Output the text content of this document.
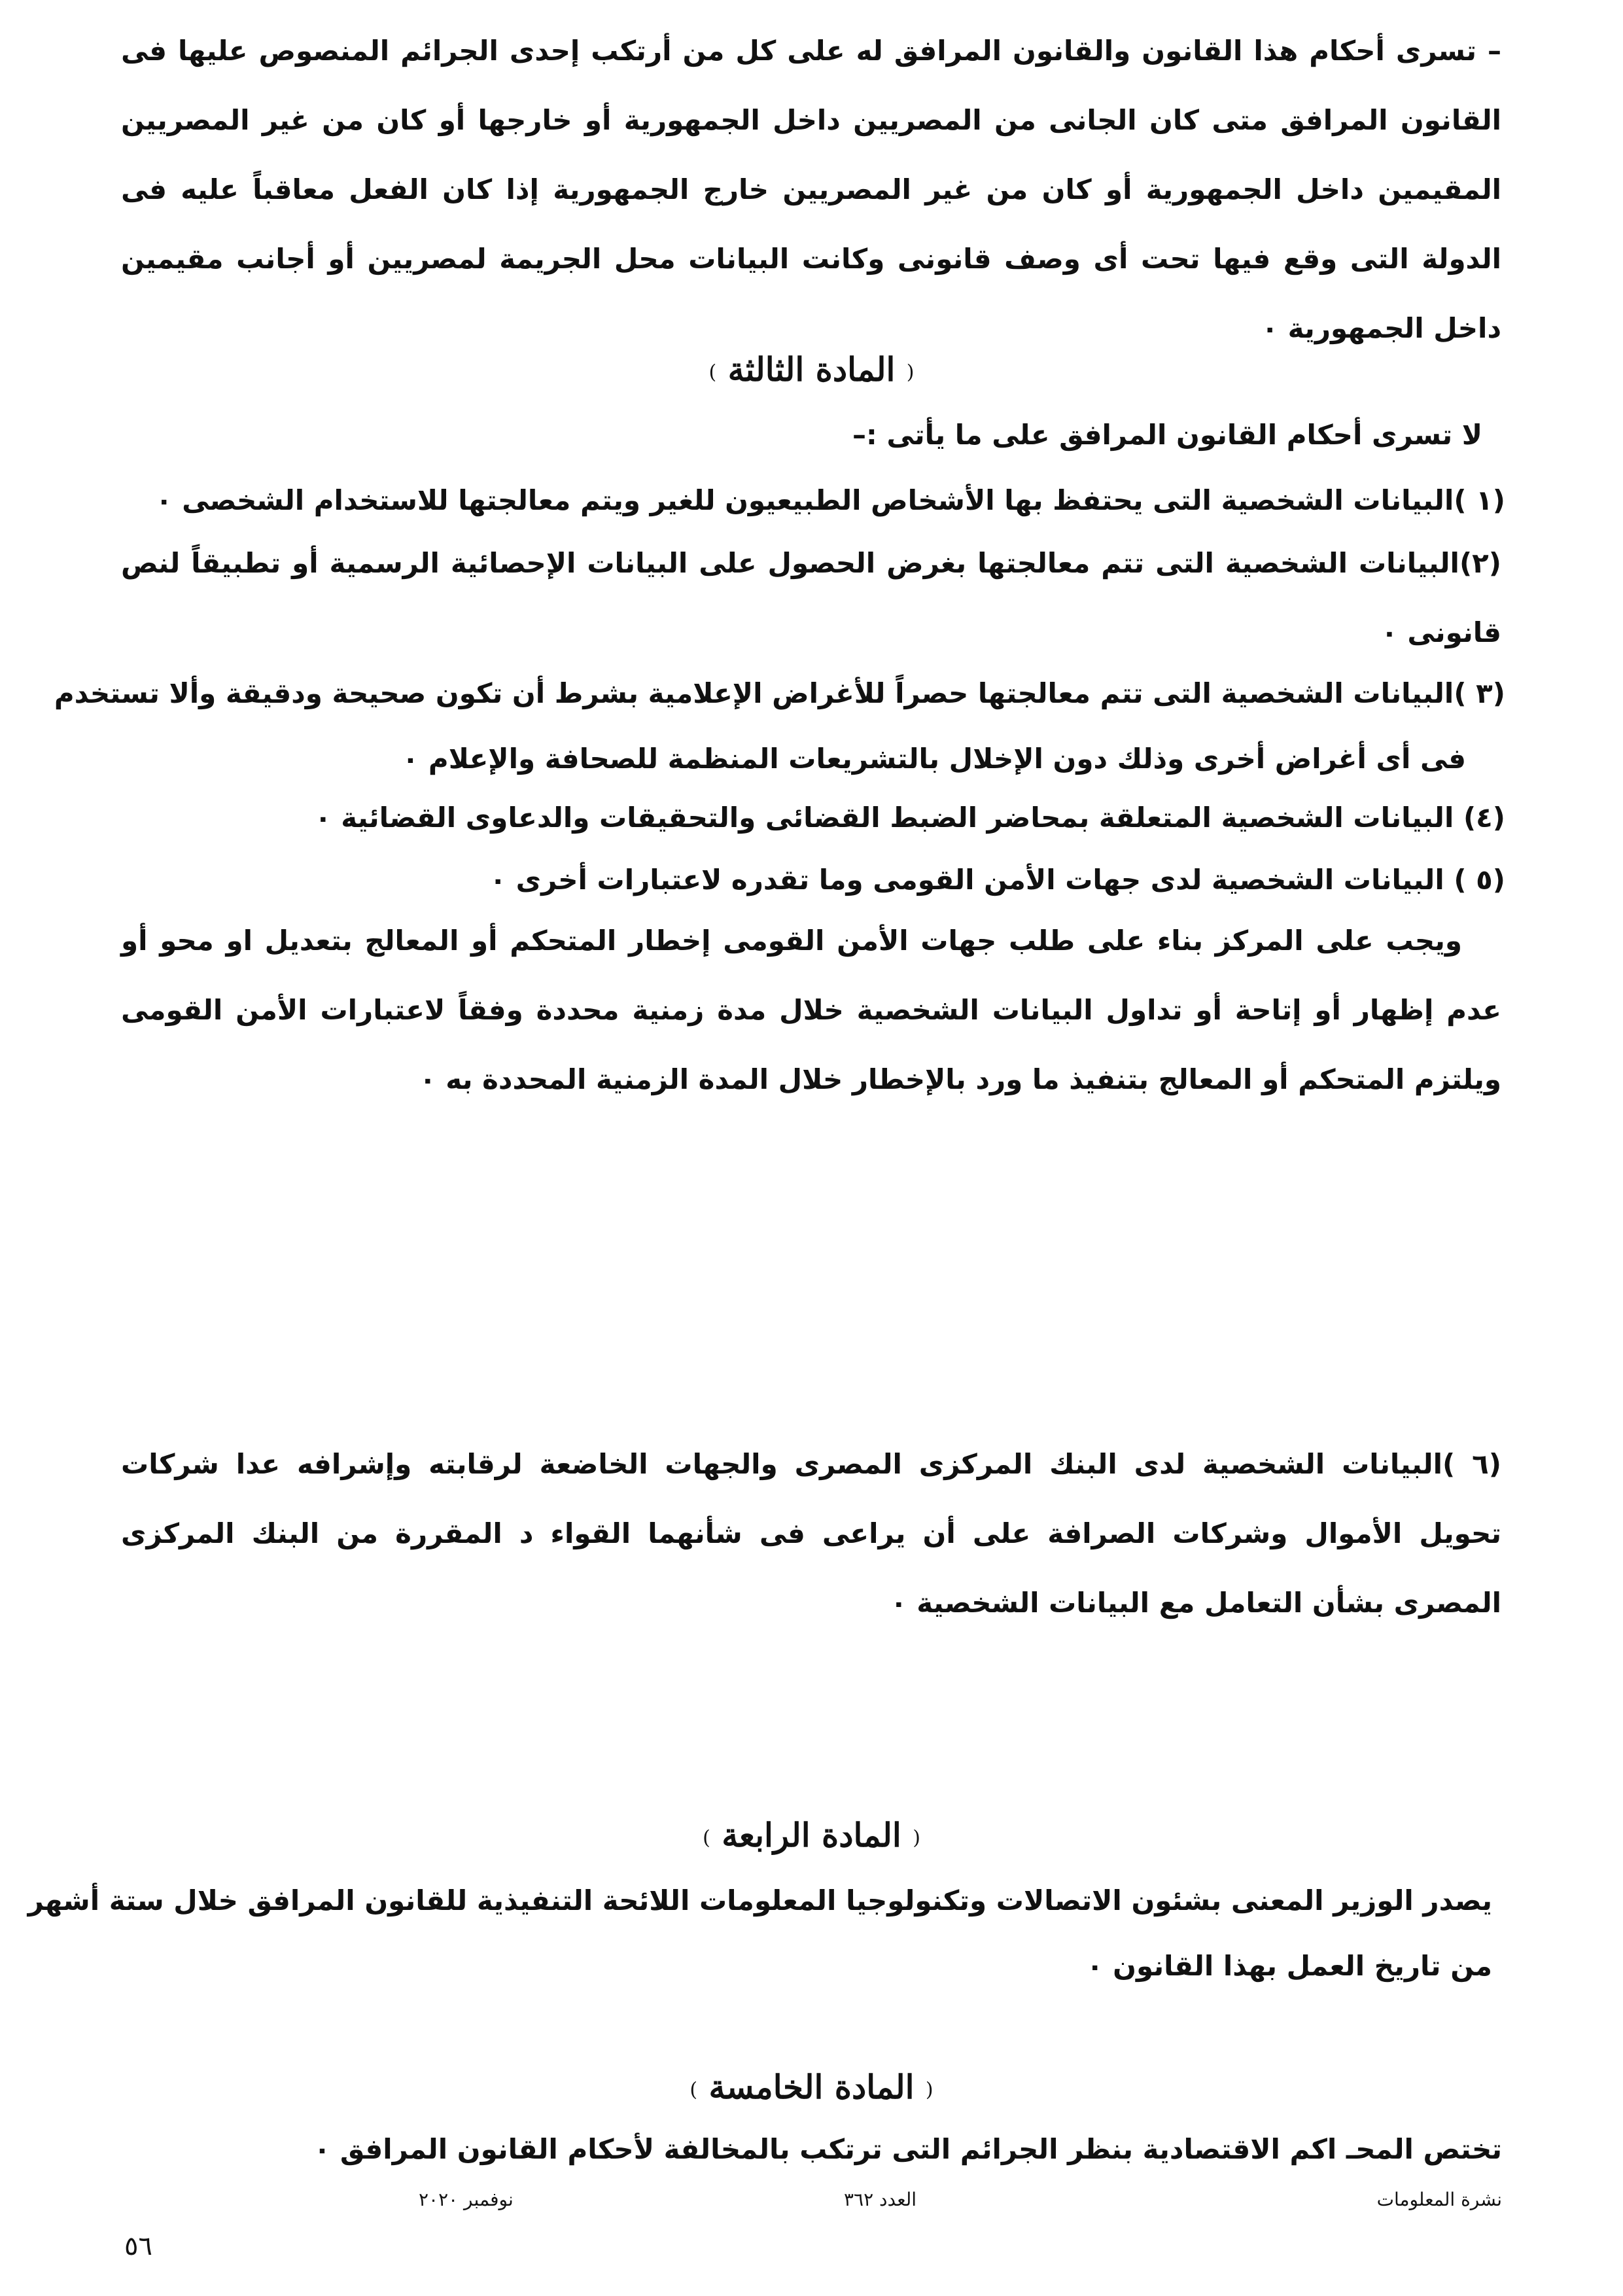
– تسرى أحكام هذا القانون والقانون المرافق له على كل من أرتكب إحدى الجرائم المنصوص عليها فى القانون المرافق متى كان الجانى من المصريين داخل الجمهورية أو خارجها أو كان من غير المصريين المقيمين داخل الجمهورية أو كان من غير المصريين خارج الجمهورية إذا كان الفعل معاقباً عليه فى الدولة التى وقع فيها تحت أى وصف قانونى وكانت البيانات محل الجريمة لمصريين أو أجانب مقيمين داخل الجمهورية ٠
( المادة الثالثة )
لا تسرى أحكام القانون المرافق على ما يأتى :–
(١ )البيانات الشخصية التى يحتفظ بها الأشخاص الطبيعيون للغير ويتم معالجتها للاستخدام الشخصى ٠
(٢)البيانات الشخصية التى تتم معالجتها بغرض الحصول على البيانات الإحصائية الرسمية أو تطبيقاً لنص قانونى ٠
(٣ )البيانات الشخصية التى تتم معالجتها حصراً للأغراض الإعلامية بشرط أن تكون صحيحة ودقيقة وألا تستخدم
فى أى أغراض أخرى وذلك دون الإخلال بالتشريعات المنظمة للصحافة والإعلام ٠
(٤) البيانات الشخصية المتعلقة بمحاضر الضبط القضائى والتحقيقات والدعاوى القضائية ٠
(٥ ) البيانات الشخصية لدى جهات الأمن القومى وما تقدره لاعتبارات أخرى ٠
ويجب على المركز بناء على طلب جهات الأمن القومى إخطار المتحكم أو المعالج بتعديل او محو أو عدم إظهار أو إتاحة أو تداول البيانات الشخصية خلال مدة زمنية محددة وفقاً لاعتبارات الأمن القومى ويلتزم المتحكم أو المعالج بتنفيذ ما ورد بالإخطار خلال المدة الزمنية المحددة به ٠
(٦ )البيانات الشخصية لدى البنك المركزى المصرى والجهات الخاضعة لرقابته وإشرافه عدا شركات تحويل الأموال وشركات الصرافة على أن يراعى فى شأنهما القواء د المقررة من البنك المركزى المصرى بشأن التعامل مع البيانات الشخصية ٠
( المادة الرابعة )
يصدر الوزير المعنى بشئون الاتصالات وتكنولوجيا المعلومات اللائحة التنفيذية للقانون المرافق خلال ستة أشهر
من تاريخ العمل بهذا القانون ٠
( المادة الخامسة )
تختص المحـ اكم الاقتصادية بنظر الجرائم التى ترتكب بالمخالفة لأحكام القانون المرافق ٠
نشرة المعلومات
العدد ٣٦٢
نوفمبر ٢٠٢٠
٥٦
